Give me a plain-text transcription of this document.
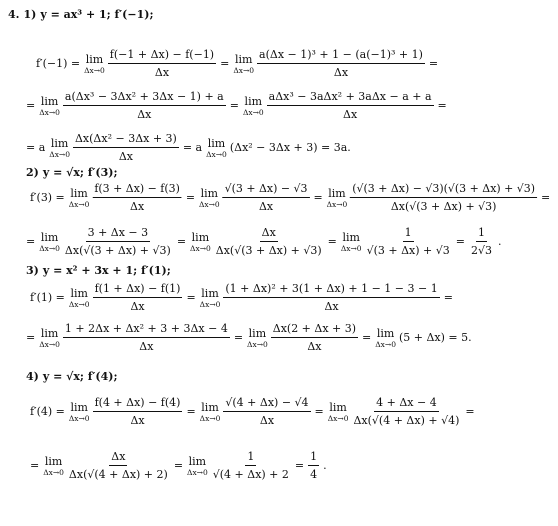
4. 1) y = ax³ + 1; f′(−1);
f′(−1) = lim
$\Delta x\to 0 \frac{f(-1 + \Delta x) - f(-1)}{\Delta x} = \lim$
$\Delta x\to 0 \frac{\text{a(Δx − 1)³ + 1 − (a(−1)³ + 1)}}{\Delta x}$ =
= lim
$\Delta x\to 0 \frac{\text{a(Δx³ − 3Δx² + 3Δx − 1) + a}}{\Delta x} = \lim$
Δx→0
aΔx³ − 3aΔx² + 3aΔx − a + a
Δx
=
= a lim
$\Delta x\to 0 \frac{\text{Δx(Δx² − 3Δx + 3)}}{\Delta x} = a$ lim
Δx→0 (Δx² − 3Δx + 3) = 3a.
2) y = √x; f′(3);
f′(3) = lim
$\Delta x\to 0 \frac{f(3 + \Delta x) - f(3)}{\Delta x} = \lim$
$\Delta x\to 0 \frac{√(3 + \Delta x) - √3}{\Delta x} = \lim$
$\Delta x\to 0 \frac{(√(3 + \Delta x) - √3)(√(3 + \Delta x) + √3)}{\Delta x(√(3 + \Delta x) + √3)}$ =
= lim
$\Delta x\to 0 \frac{3 + \Delta x - 3}{\Delta x(√(3 + \Delta x) + √3)} = \lim$
$\Delta x\to 0 \frac{\Delta x}{\Delta x(√(3 + \Delta x) + √3)} = \lim$
$\Delta x\to 0 \frac{1}{√(3 + \Delta x) + √3} = \frac{1}{2√3}$ .
3) y = x² + 3x + 1; f′(1);
f′(1) = lim
$\Delta x\to 0 \frac{f(1 + \Delta x) - f(1)}{\Delta x} = \lim$
$\Delta x\to 0 \frac{\text{(1 + Δx)² + 3(1 + Δx) + 1 − 1 − 3 − 1}}{\Delta x}$ =
= lim
$\Delta x\to 0 \frac{\text{1 + 2Δx + Δx² + 3 + 3Δx − 4}}{\Delta x} = \lim$
$\Delta x\to 0 \frac{\Delta x(2 + \Delta x + 3)}{\Delta x} = \lim$
Δx→0 (5 + Δx) = 5.
4) y = √x; f′(4);
f′(4) = lim
$\Delta x\to 0 \frac{f(4 + \Delta x) - f(4)}{\Delta x} = \lim$
$\Delta x\to 0 \frac{√(4 + \Delta x) - √4}{\Delta x} = \lim$
$\Delta x\to 0 \frac{4 + \Delta x - 4}{\Delta x(√(4 + \Delta x) + √4)}$ =
= lim
$\Delta x\to 0 \frac{\Delta x}{\Delta x(√(4 + \Delta x) + 2)} = \lim$
$\Delta x\to 0 \frac{1}{√(4 + \Delta x) + 2} = \frac{1}{4}$ .
